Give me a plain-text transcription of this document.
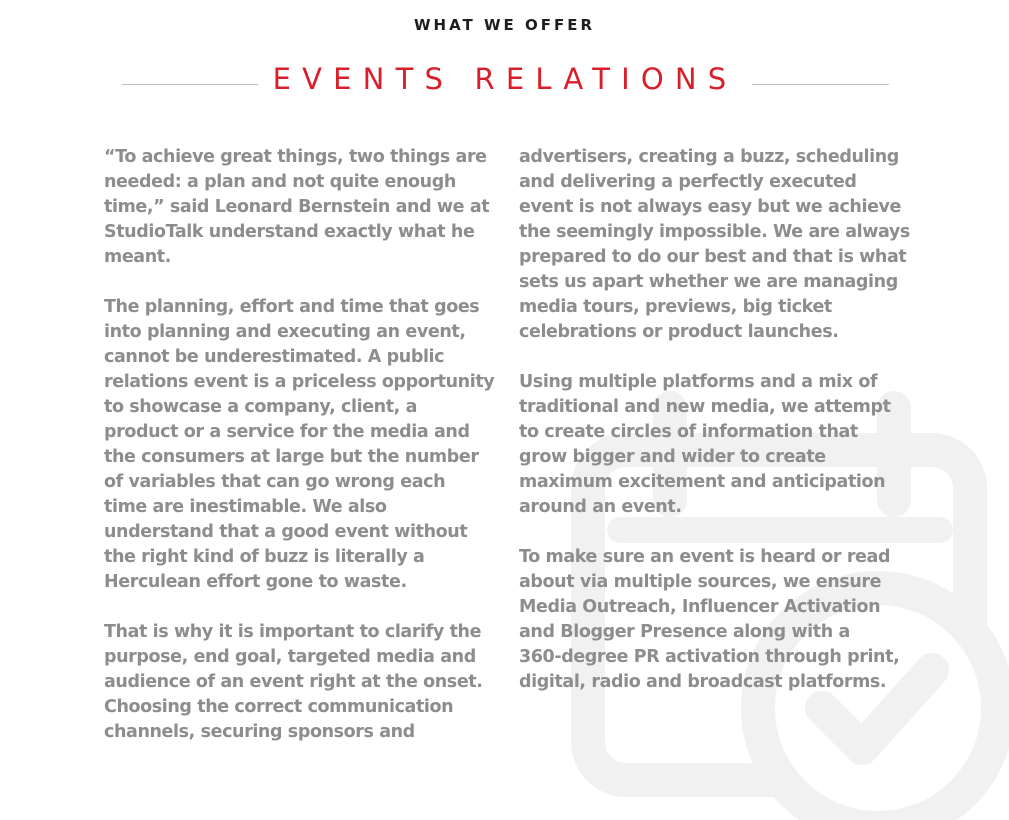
WHAT WE OFFER
EVENTS RELATIONS

“To achieve great things, two things are
needed: a plan and not quite enough
time,” said Leonard Bernstein and we at
StudioTalk understand exactly what he
meant.

The planning, effort and time that goes
into planning and executing an event,
cannot be underestimated. A public
relations event is a priceless opportunity
to showcase a company, client, a
product or a service for the media and
the consumers at large but the number
of variables that can go wrong each
time are inestimable. We also
understand that a good event without
the right kind of buzz is literally a
Herculean effort gone to waste.

That is why it is important to clarify the
purpose, end goal, targeted media and
audience of an event right at the onset.
Choosing the correct communication
channels, securing sponsors and

advertisers, creating a buzz, scheduling
and delivering a perfectly executed
event is not always easy but we achieve
the seemingly impossible. We are always
prepared to do our best and that is what
sets us apart whether we are managing
media tours, previews, big ticket
celebrations or product launches.

Using multiple platforms and a mix of
traditional and new media, we attempt
to create circles of information that
grow bigger and wider to create
maximum excitement and anticipation
around an event.

To make sure an event is heard or read
about via multiple sources, we ensure
Media Outreach, Influencer Activation
and Blogger Presence along with a
360-degree PR activation through print,
digital, radio and broadcast platforms.
